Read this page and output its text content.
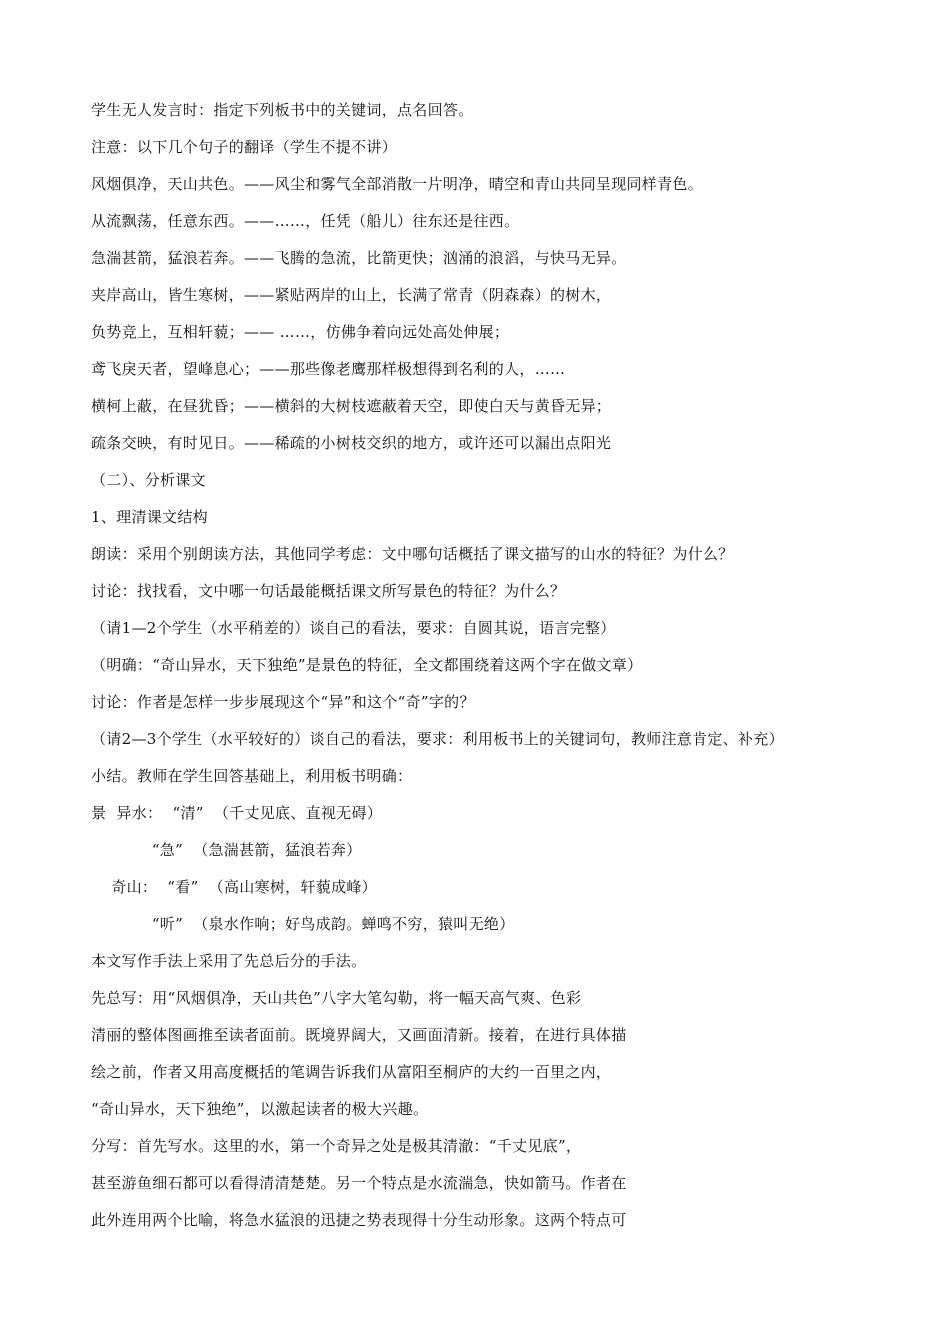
学生无人发言时：指定下列板书中的关键词，点名回答。
注意：以下几个句子的翻译（学生不提不讲）
风烟俱净，天山共色。——风尘和雾气全部消散一片明净，晴空和青山共同呈现同样青色。
从流飘荡，任意东西。——……，任凭（船儿）往东还是往西。
急湍甚箭，猛浪若奔。——飞腾的急流，比箭更快；汹涌的浪滔，与快马无异。
夹岸高山，皆生寒树，——紧贴两岸的山上，长满了常青（阴森森）的树木，
负势竞上，互相轩藐；—— ……，仿佛争着向远处高处伸展；
鸢飞戾天者，望峰息心；——那些像老鹰那样极想得到名利的人，……
横柯上蔽，在昼犹昏；——横斜的大树枝遮蔽着天空，即使白天与黄昏无异；
疏条交映，有时见日。——稀疏的小树枝交织的地方，或许还可以漏出点阳光
（二）、分析课文
1、理清课文结构
朗读：采用个别朗读方法，其他同学考虑：文中哪句话概括了课文描写的山水的特征？为什么？
讨论：找找看，文中哪一句话最能概括课文所写景色的特征？为什么？
（请1—2个学生（水平稍差的）谈自己的看法，要求：自圆其说，语言完整）
（明确：“奇山异水，天下独绝”是景色的特征，全文都围绕着这两个字在做文章）
讨论：作者是怎样一步步展现这个“异”和这个“奇”字的？
（请2—3个学生（水平较好的）谈自己的看法，要求：利用板书上的关键词句，教师注意肯定、补充）
小结。教师在学生回答基础上，利用板书明确：
景  异水：  “清”  （千丈见底、直视无碍）
“急”  （急湍甚箭，猛浪若奔）
奇山：  “看”  （高山寒树，轩藐成峰）
“听”  （泉水作响；好鸟成韵。蝉鸣不穷，猿叫无绝）
本文写作手法上采用了先总后分的手法。
先总写：用“风烟俱净，天山共色”八字大笔勾勒，将一幅天高气爽、色彩
清丽的整体图画推至读者面前。既境界阔大，又画面清新。接着，在进行具体描
绘之前，作者又用高度概括的笔调告诉我们从富阳至桐庐的大约一百里之内，
“奇山异水，天下独绝”，以激起读者的极大兴趣。
分写：首先写水。这里的水，第一个奇异之处是极其清澈：“千丈见底”，
甚至游鱼细石都可以看得清清楚楚。另一个特点是水流湍急，快如箭马。作者在
此外连用两个比喻，将急水猛浪的迅捷之势表现得十分生动形象。这两个特点可
